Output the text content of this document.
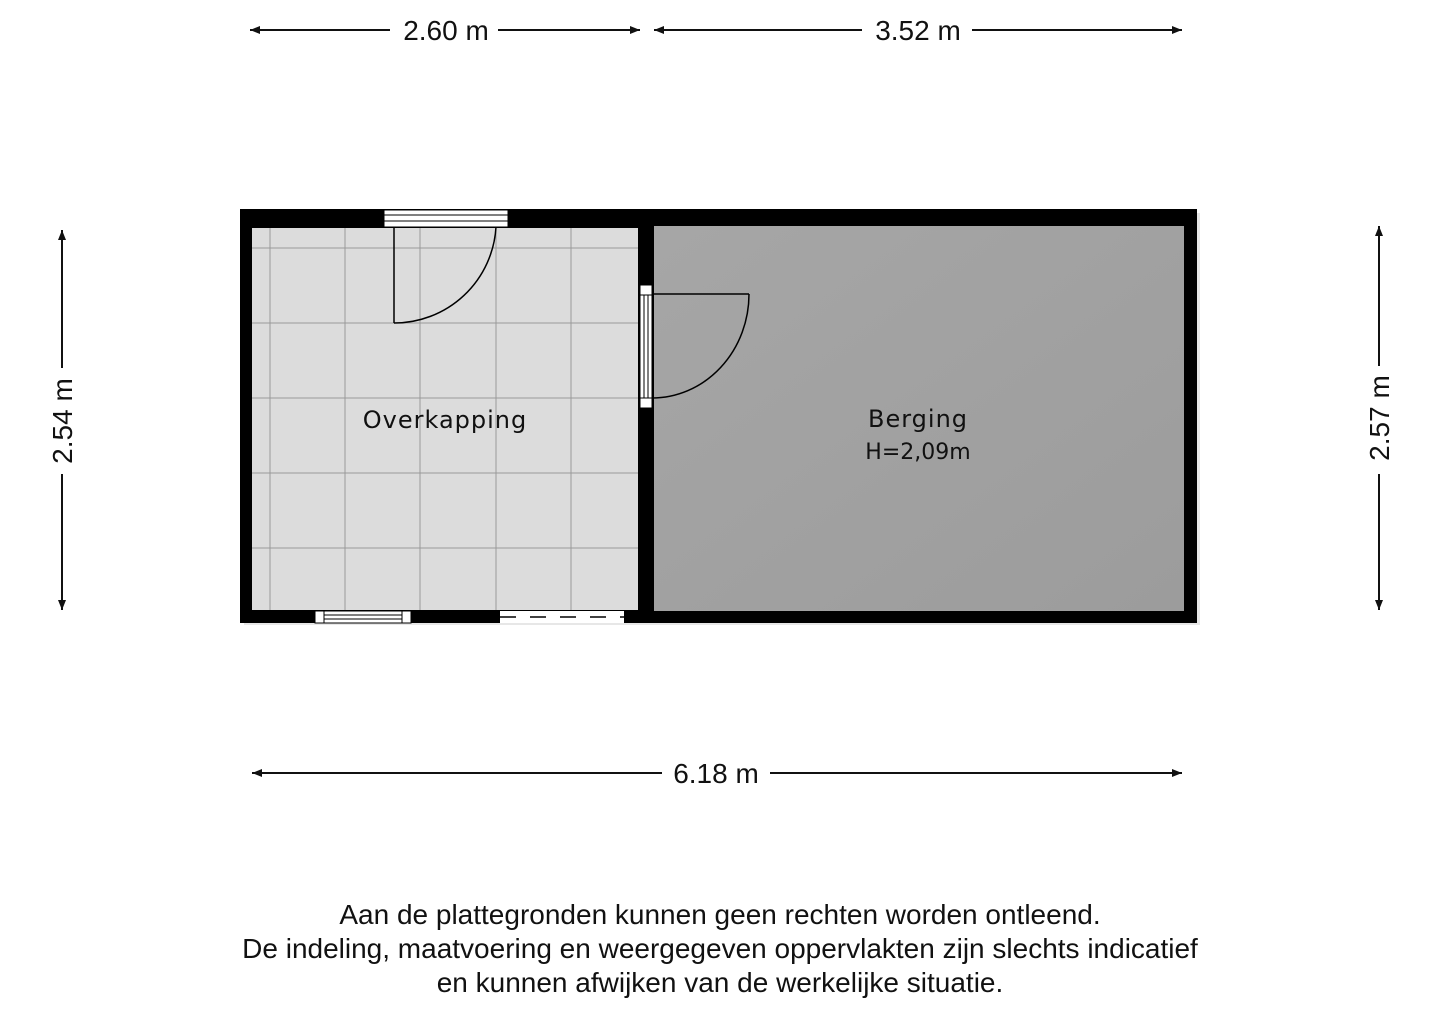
2.60 m	3.52 m
2.54 m	2.57 m
6.18 m
Overkapping	Berging
H=2,09m
Aan de plattegronden kunnen geen rechten worden ontleend.
De indeling, maatvoering en weergegeven oppervlakten zijn slechts indicatief
en kunnen afwijken van de werkelijke situatie.
